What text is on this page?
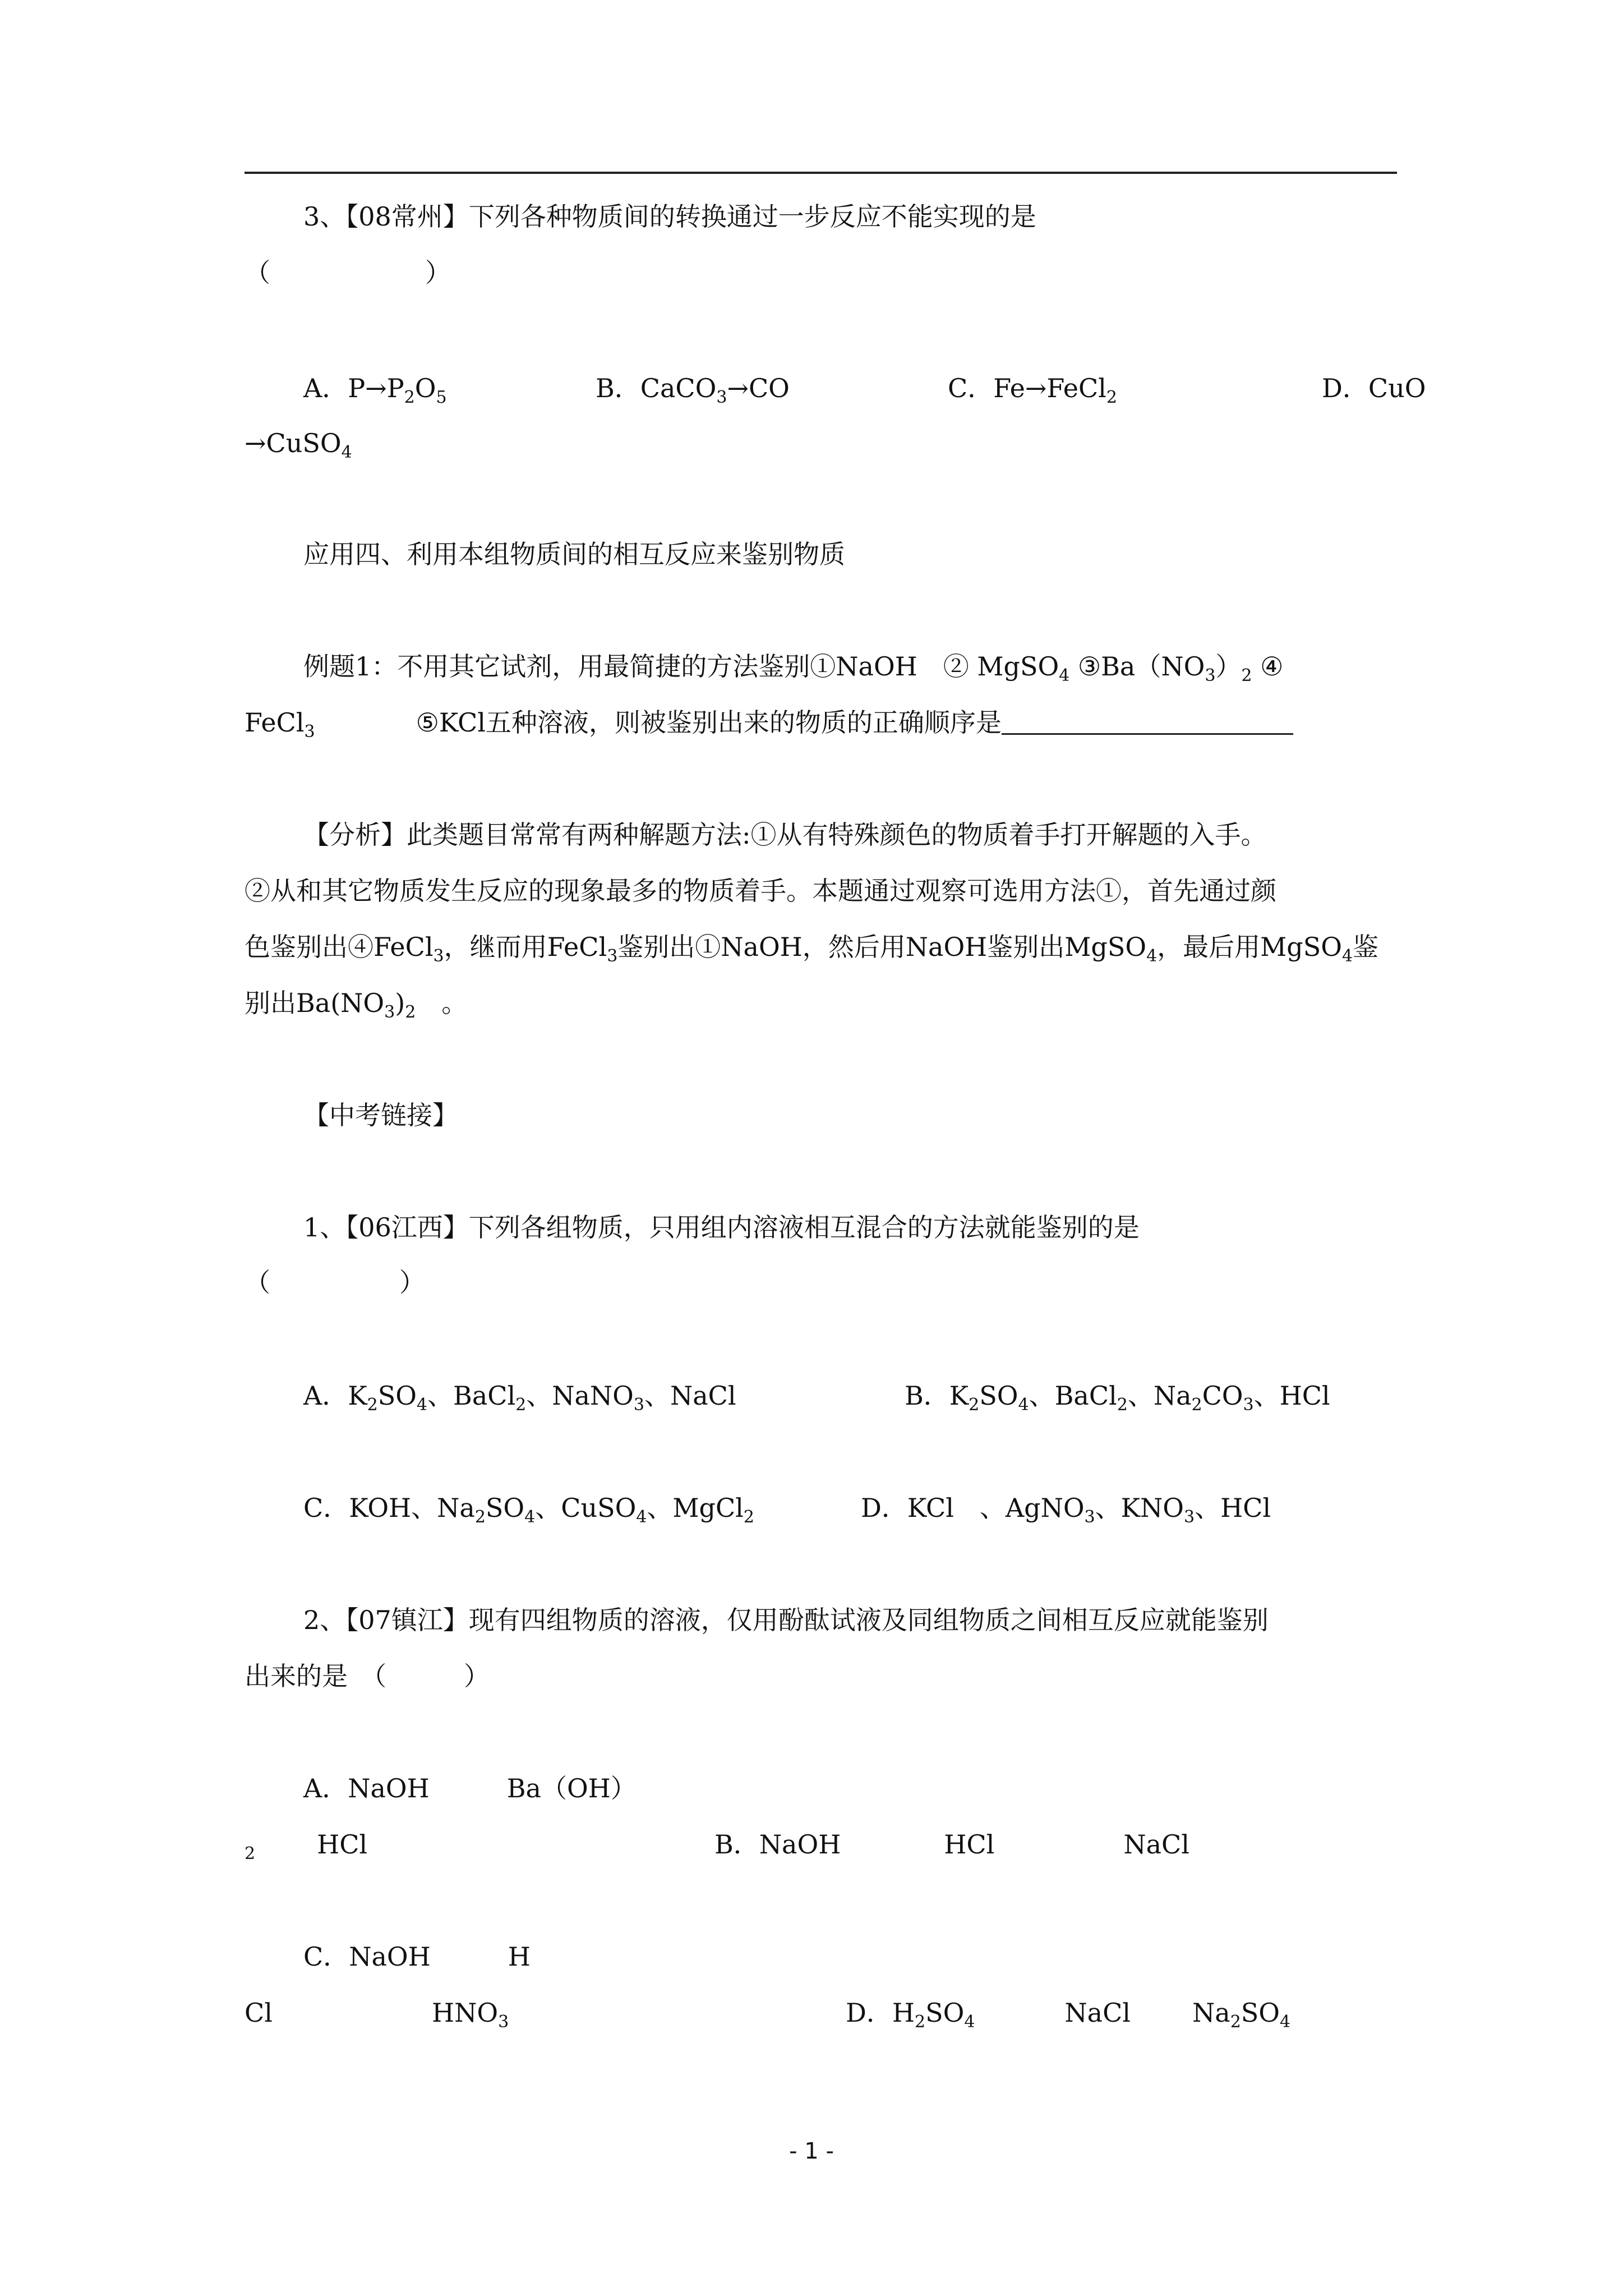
3、【08常州】下列各种物质间的转换通过一步反应不能实现的是
（　　　　　　）
A．$P\to P_2O_5$	B．CaCO$_3$→CO	C．Fe→FeCl$_2$	D．CuO
→CuSO$_4$
应用四、利用本组物质间的相互反应来鉴别物质
例题1：不用其它试剂，用最简捷的方法鉴别①NaOH　② MgSO$_4$ $③Ba(NO_3)_2$ ④
FeCl$_3$	⑤KCl五种溶液，则被鉴别出来的物质的正确顺序是
【分析】此类题目常常有两种解题方法:①从有特殊颜色的物质着手打开解题的入手。
②从和其它物质发生反应的现象最多的物质着手。本题通过观察可选用方法①，首先通过颜
色鉴别出④FeCl$_3$，继而用FeCl$_3$鉴别出①NaOH，然后用NaOH鉴别出MgSO$_4$，最后用MgSO$_4$鉴
别出$Ba(NO_3)_2$　。
【中考链接】
1、【06江西】下列各组物质，只用组内溶液相互混合的方法就能鉴别的是
（　　　　　）
A．$K_2SO_4$、BaCl$_2$、NaNO$_3$、NaCl	B．$K_2SO_4$、BaCl$_2$、$Na_2CO_3$、HCl
C．KOH、$Na_2SO_4$、CuSO$_4$、MgCl$_2$	D．KCl　、AgNO$_3$、$KNO_3$、HCl
2、【07镇江】现有四组物质的溶液，仅用酚酞试液及同组物质之间相互反应就能鉴别
出来的是　（　　　）
A．NaOH　　　Ba（OH）
$_2$ HCl	B．NaOH　　　　HCl　　　　　NaCl
C．NaOH　　　H
Cl	$HNO_3$	D．$H_2SO_4$	NaCl $Na_2SO_4$
- 1 -
